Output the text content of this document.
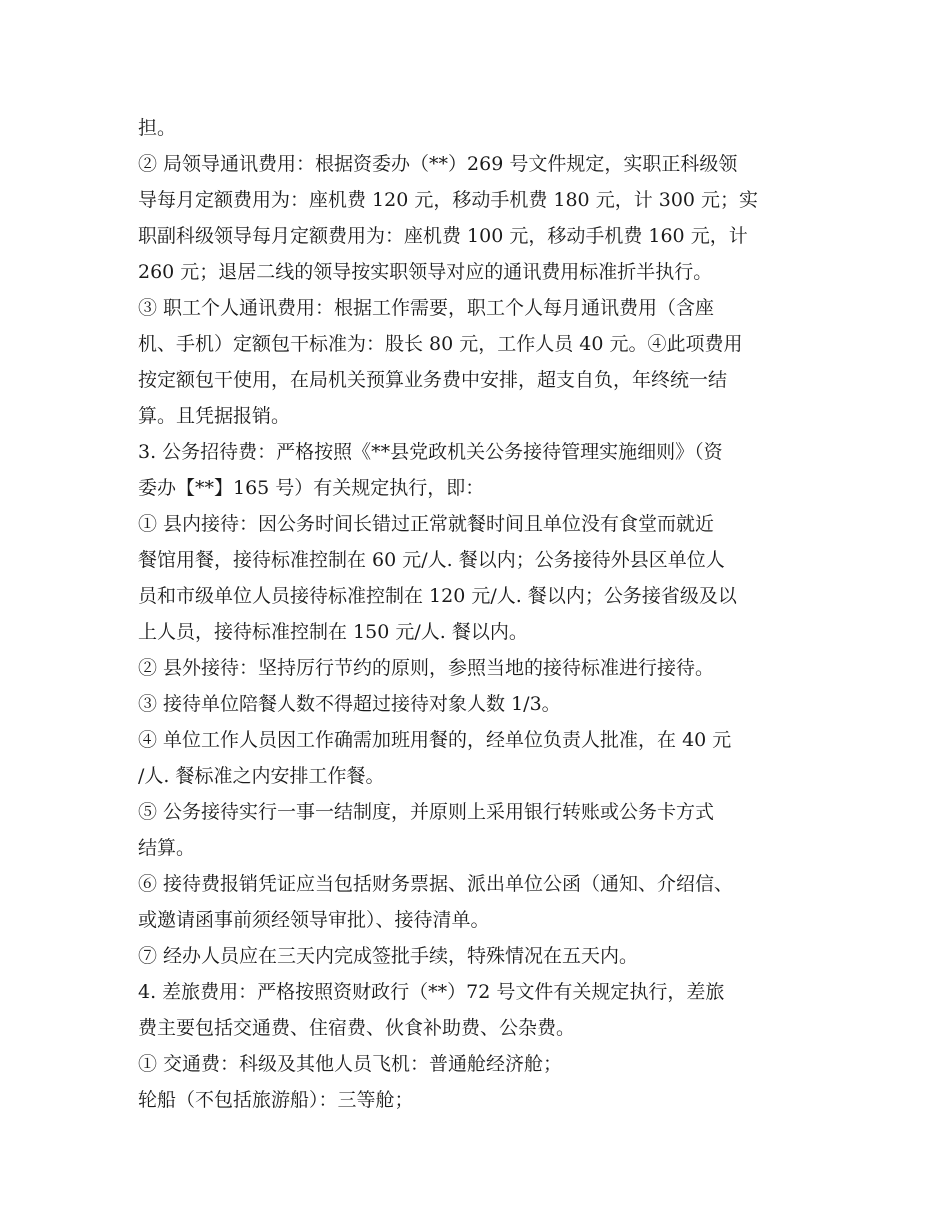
担。
② 局领导通讯费用：根据资委办（**）269 号文件规定，实职正科级领
导每月定额费用为：座机费 120 元，移动手机费 180 元，计 300 元；实
职副科级领导每月定额费用为：座机费 100 元，移动手机费 160 元，计
260 元；退居二线的领导按实职领导对应的通讯费用标准折半执行。
③ 职工个人通讯费用：根据工作需要，职工个人每月通讯费用（含座
机、手机）定额包干标准为：股长 80 元，工作人员 40 元。④此项费用
按定额包干使用，在局机关预算业务费中安排，超支自负，年终统一结
算。且凭据报销。
3. 公务招待费：严格按照《**县党政机关公务接待管理实施细则》（资
委办【**】165 号）有关规定执行，即：
① 县内接待：因公务时间长错过正常就餐时间且单位没有食堂而就近
餐馆用餐，接待标准控制在 60 元/人. 餐以内；公务接待外县区单位人
员和市级单位人员接待标准控制在 120 元/人. 餐以内；公务接省级及以
上人员，接待标准控制在 150 元/人. 餐以内。
② 县外接待：坚持厉行节约的原则，参照当地的接待标准进行接待。
③ 接待单位陪餐人数不得超过接待对象人数 1/3。
④ 单位工作人员因工作确需加班用餐的，经单位负责人批准，在 40 元
/人. 餐标准之内安排工作餐。
⑤ 公务接待实行一事一结制度，并原则上采用银行转账或公务卡方式
结算。
⑥ 接待费报销凭证应当包括财务票据、派出单位公函（通知、介绍信、
或邀请函事前须经领导审批）、接待清单。
⑦ 经办人员应在三天内完成签批手续，特殊情况在五天内。
4. 差旅费用：严格按照资财政行（**）72 号文件有关规定执行，差旅
费主要包括交通费、住宿费、伙食补助费、公杂费。
① 交通费：科级及其他人员飞机：普通舱经济舱；
轮船（不包括旅游船）：三等舱；
